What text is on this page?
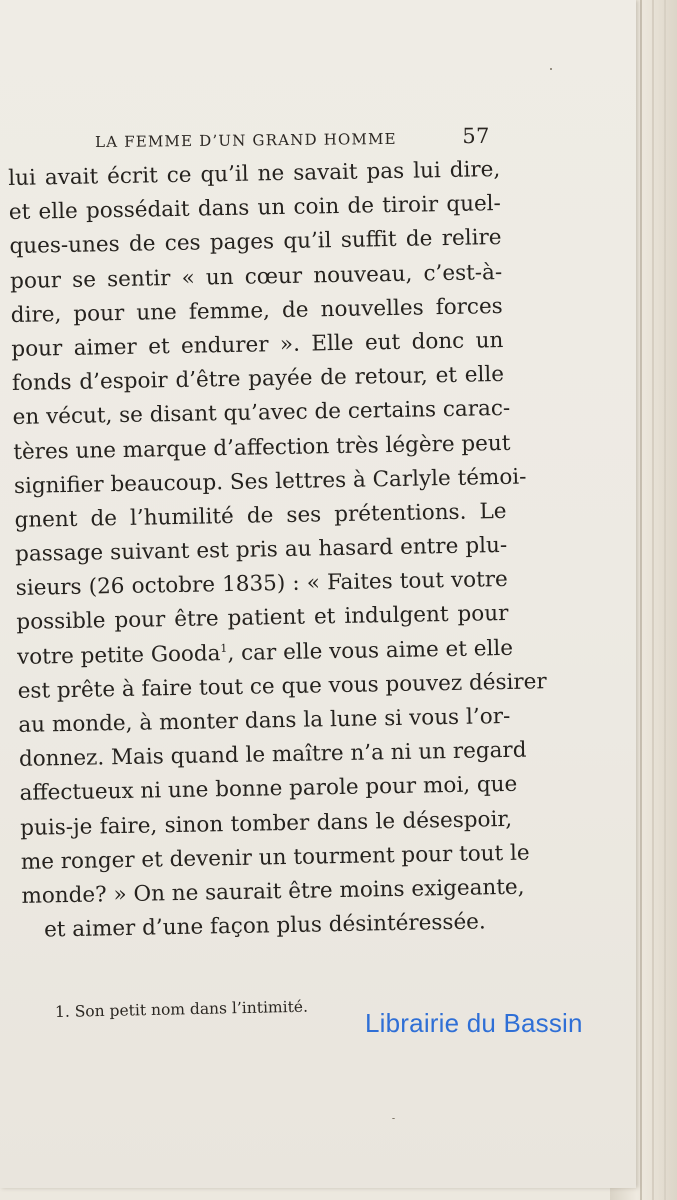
LA FEMME D’UN GRAND HOMME	57
lui avait écrit ce qu’il ne savait pas lui dire,
et elle possédait dans un coin de tiroir quel-
ques-unes de ces pages qu’il suffit de relire
pour se sentir « un cœur nouveau, c’est-à-
dire, pour une femme, de nouvelles forces
pour aimer et endurer ». Elle eut donc un
fonds d’espoir d’être payée de retour, et elle
en vécut, se disant qu’avec de certains carac-
tères une marque d’affection très légère peut
signifier beaucoup. Ses lettres à Carlyle témoi-
gnent de l’humilité de ses prétentions. Le
passage suivant est pris au hasard entre plu-
sieurs (26 octobre 1835) : « Faites tout votre
possible pour être patient et indulgent pour
votre petite Gooda$^1$, car elle vous aime et elle
est prête à faire tout ce que vous pouvez désirer
au monde, à monter dans la lune si vous l’or-
donnez. Mais quand le maître n’a ni un regard
affectueux ni une bonne parole pour moi, que
puis-je faire, sinon tomber dans le désespoir,
me ronger et devenir un tourment pour tout le
monde? » On ne saurait être moins exigeante,
et aimer d’une façon plus désintéressée.
1. Son petit nom dans l’intimité. Librairie du Bassin
